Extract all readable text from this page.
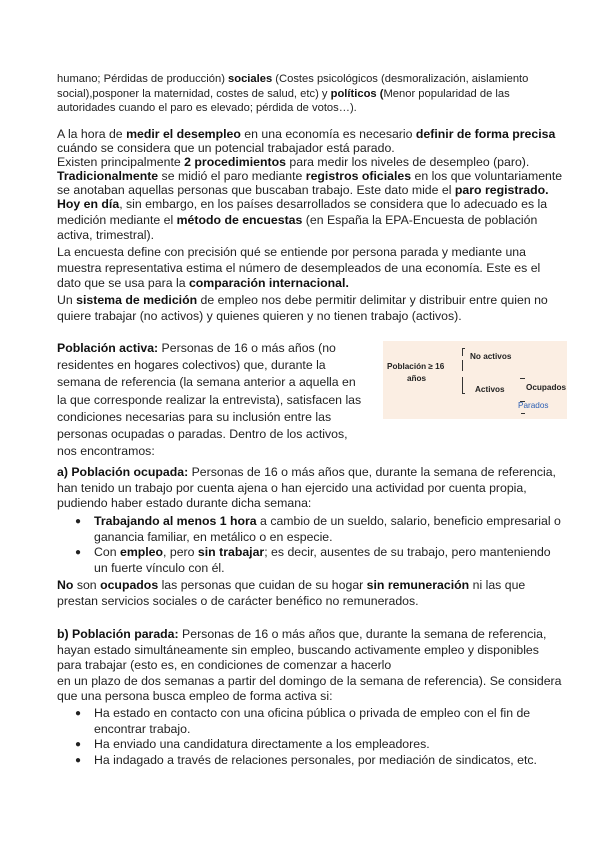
humano; Pérdidas de producción) sociales (Costes psicológicos (desmoralización, aislamiento social),posponer la maternidad, costes de salud, etc) y políticos (Menor popularidad de las autoridades cuando el paro es elevado; pérdida de votos…).
A la hora de medir el desempleo en una economía es necesario definir de forma precisa cuándo se considera que un potencial trabajador está parado.
Existen principalmente 2 procedimientos para medir los niveles de desempleo (paro).
Tradicionalmente se midió el paro mediante registros oficiales en los que voluntariamente se anotaban aquellas personas que buscaban trabajo. Este dato mide el paro registrado.
Hoy en día, sin embargo, en los países desarrollados se considera que lo adecuado es la medición mediante el método de encuestas (en España la EPA-Encuesta de población activa, trimestral).
La encuesta define con precisión qué se entiende por persona parada y mediante una muestra representativa estima el número de desempleados de una economía. Este es el dato que se usa para la comparación internacional.
Un sistema de medición de empleo nos debe permitir delimitar y distribuir entre quien no quiere trabajar (no activos) y quienes quieren y no tienen trabajo (activos).
Población activa: Personas de 16 o más años (no residentes en hogares colectivos) que, durante la semana de referencia (la semana anterior a aquella en la que corresponde realizar la entrevista), satisfacen las condiciones necesarias para su inclusión entre las personas ocupadas o paradas. Dentro de los activos, nos encontramos:
Población ≥ 16
años
No activos
Activos	Ocupados
Parados
a) Población ocupada: Personas de 16 o más años que, durante la semana de referencia, han tenido un trabajo por cuenta ajena o han ejercido una actividad por cuenta propia, pudiendo haber estado durante dicha semana:
● Trabajando al menos 1 hora a cambio de un sueldo, salario, beneficio empresarial o ganancia familiar, en metálico o en especie.
● Con empleo, pero sin trabajar; es decir, ausentes de su trabajo, pero manteniendo un fuerte vínculo con él.
No son ocupados las personas que cuidan de su hogar sin remuneración ni las que prestan servicios sociales o de carácter benéfico no remunerados.
b) Población parada: Personas de 16 o más años que, durante la semana de referencia, hayan estado simultáneamente sin empleo, buscando activamente empleo y disponibles para trabajar (esto es, en condiciones de comenzar a hacerlo
en un plazo de dos semanas a partir del domingo de la semana de referencia). Se considera que una persona busca empleo de forma activa si:
● Ha estado en contacto con una oficina pública o privada de empleo con el fin de encontrar trabajo.
● Ha enviado una candidatura directamente a los empleadores.
● Ha indagado a través de relaciones personales, por mediación de sindicatos, etc.
